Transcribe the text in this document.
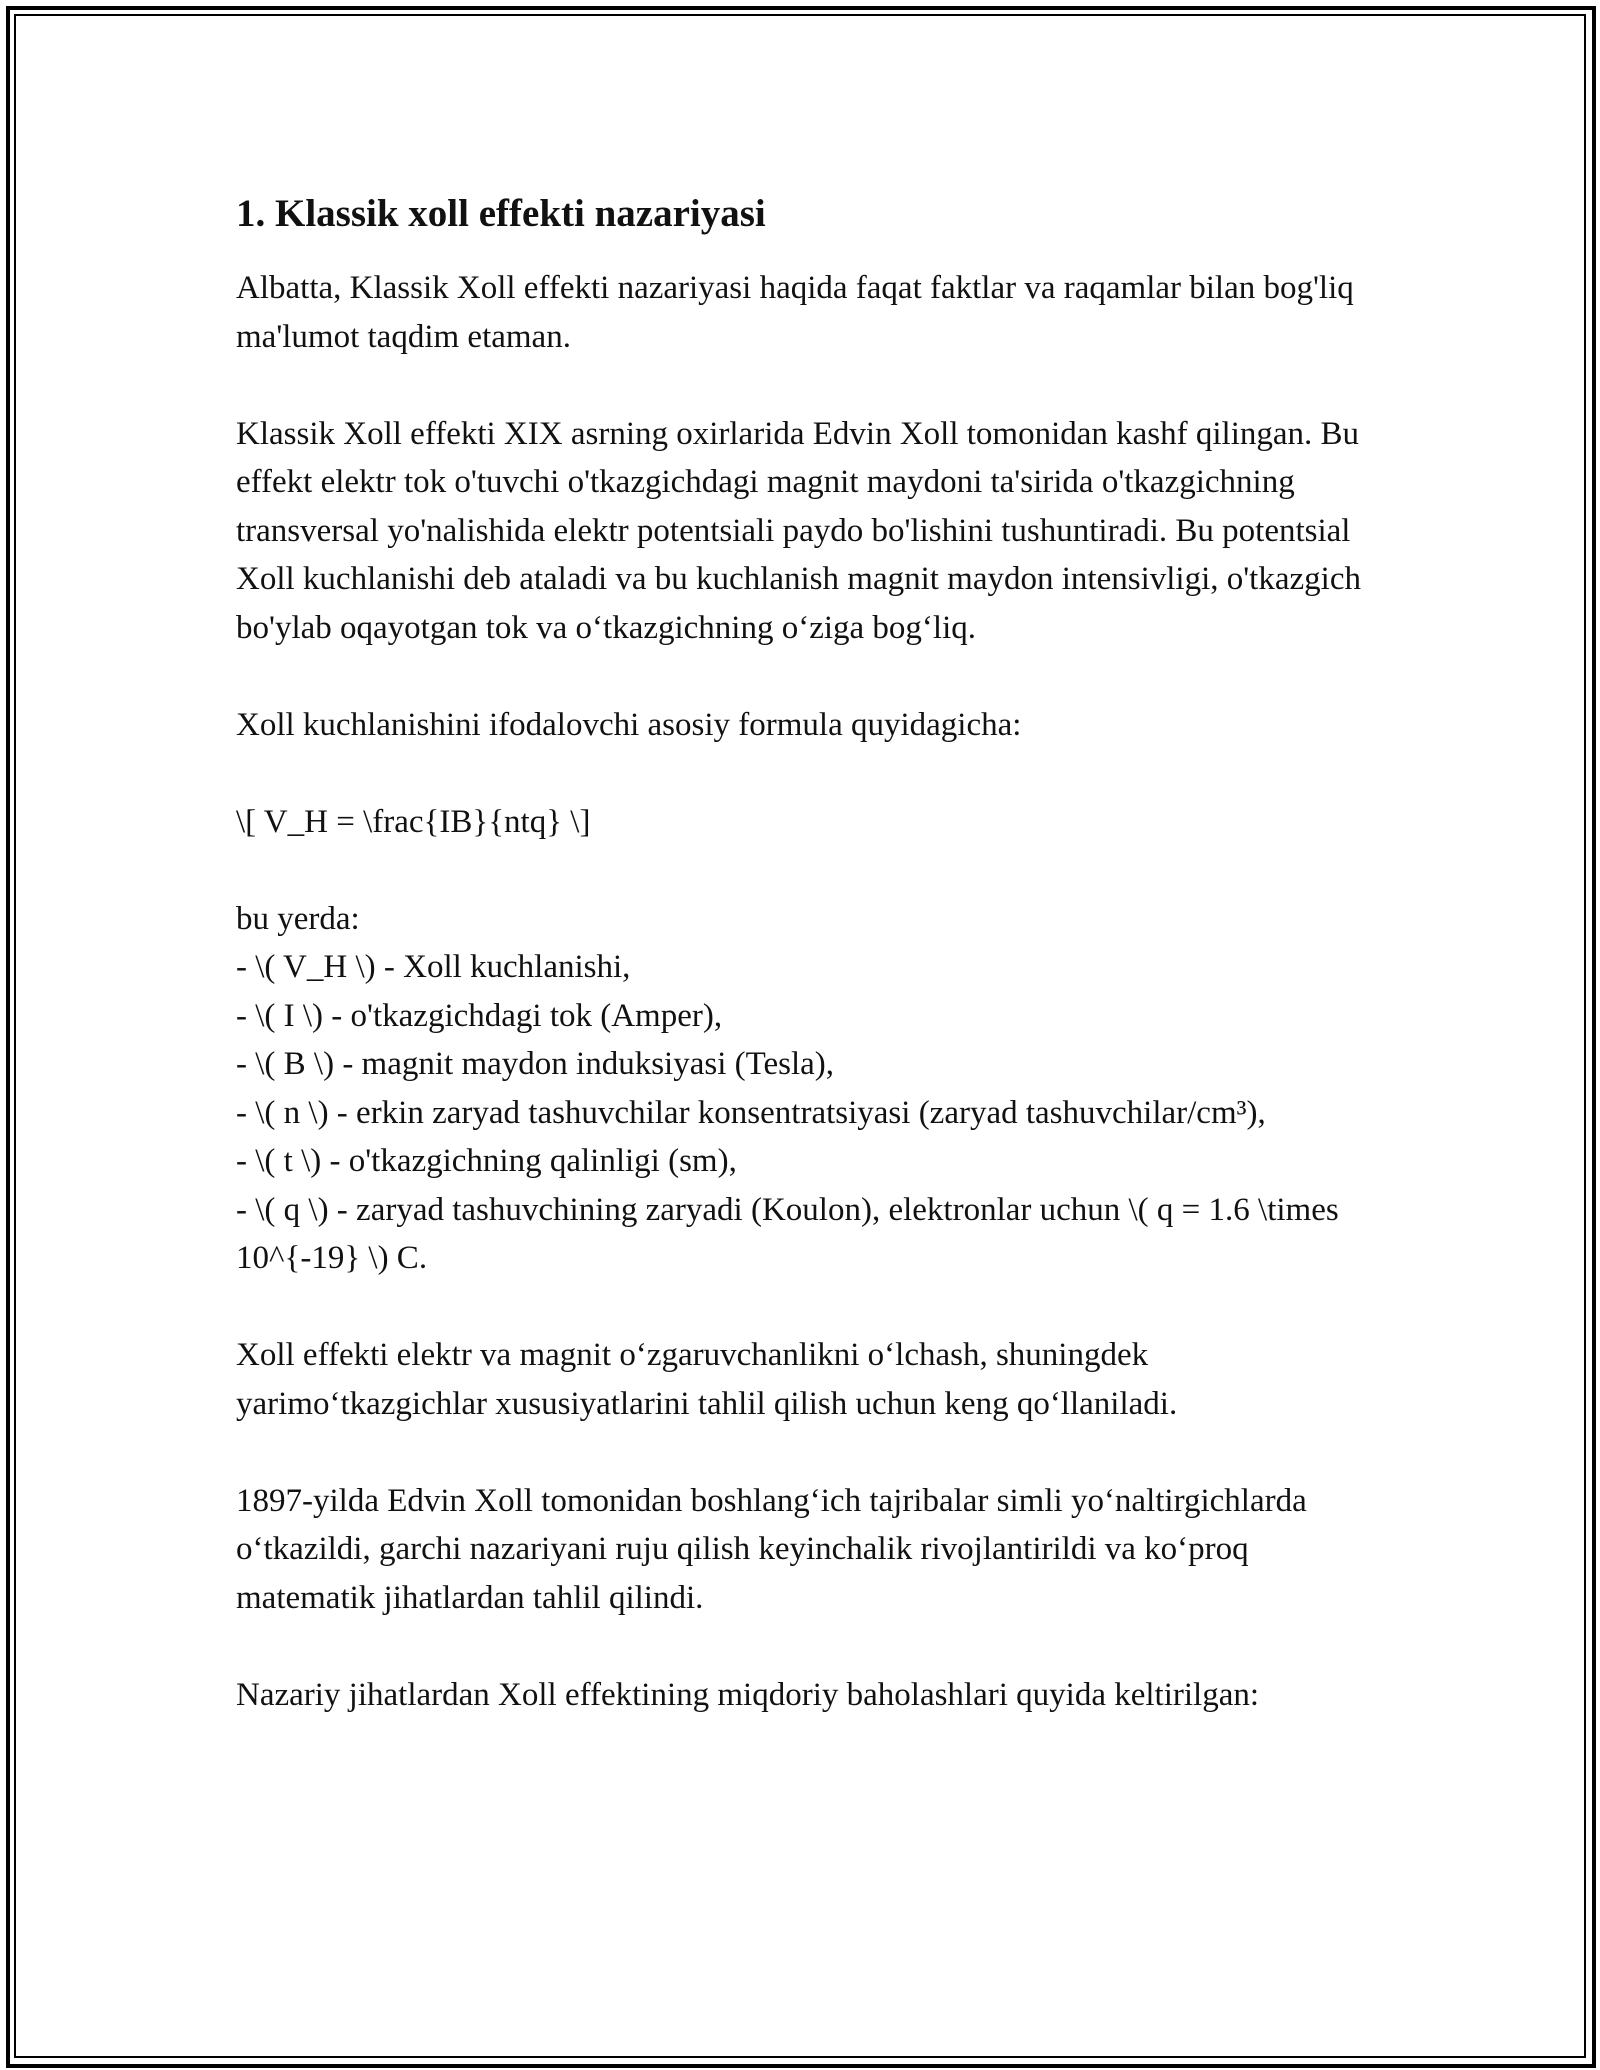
1. Klassik xoll effekti nazariyasi

Albatta, Klassik Xoll effekti nazariyasi haqida faqat faktlar va raqamlar bilan bog'liq ma'lumot taqdim etaman.

Klassik Xoll effekti XIX asrning oxirlarida Edvin Xoll tomonidan kashf qilingan. Bu effekt elektr tok o'tuvchi o'tkazgichdagi magnit maydoni ta'sirida o'tkazgichning transversal yo'nalishida elektr potentsiali paydo bo'lishini tushuntiradi. Bu potentsial Xoll kuchlanishi deb ataladi va bu kuchlanish magnit maydon intensivligi, o'tkazgich bo'ylab oqayotgan tok va o‘tkazgichning o‘ziga bog‘liq.

Xoll kuchlanishini ifodalovchi asosiy formula quyidagicha:

\[ V_H = \frac{IB}{ntq} \]

bu yerda:
- \( V_H \) - Xoll kuchlanishi,
- \( I \) - o'tkazgichdagi tok (Amper),
- \( B \) - magnit maydon induksiyasi (Tesla),
- \( n \) - erkin zaryad tashuvchilar konsentratsiyasi (zaryad tashuvchilar/cm³),
- \( t \) - o'tkazgichning qalinligi (sm),
- \( q \) - zaryad tashuvchining zaryadi (Koulon), elektronlar uchun \( q = 1.6 \times 10^{-19} \) C.

Xoll effekti elektr va magnit o‘zgaruvchanlikni o‘lchash, shuningdek yarimo‘tkazgichlar xususiyatlarini tahlil qilish uchun keng qo‘llaniladi.

1897-yilda Edvin Xoll tomonidan boshlang‘ich tajribalar simli yo‘naltirgichlarda o‘tkazildi, garchi nazariyani ruju qilish keyinchalik rivojlantirildi va ko‘proq matematik jihatlardan tahlil qilindi.

Nazariy jihatlardan Xoll effektining miqdoriy baholashlari quyida keltirilgan:
